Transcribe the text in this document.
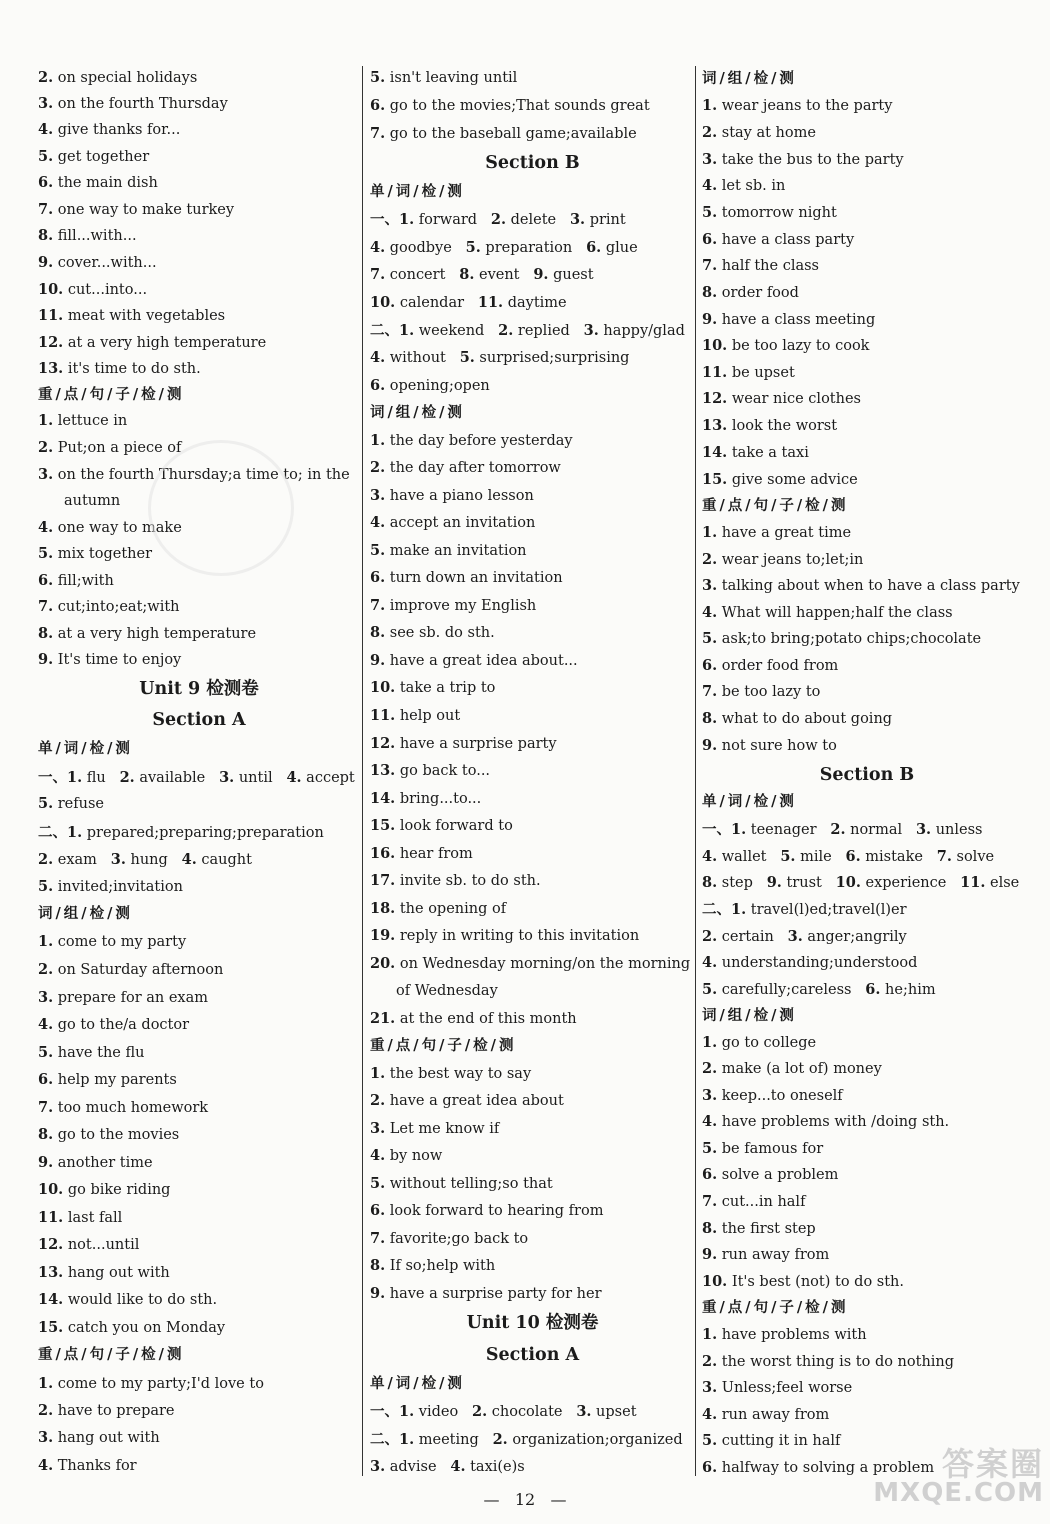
2. on special holidays
3. on the fourth Thursday
4. give thanks for...
5. get together
6. the main dish
7. one way to make turkey
8. fill...with...
9. cover...with...
10. cut...into...
11. meat with vegetables
12. at a very high temperature
13. it's time to do sth.
重/点/句/子/检/测
1. lettuce in
2. Put;on a piece of
3. on the fourth Thursday;a time to; in the
autumn
4. one way to make
5. mix together
6. fill;with
7. cut;into;eat;with
8. at a very high temperature
9. It's time to enjoy
Unit 9 检测卷
Section A
单/词/检/测
一、1. flu   2. available   3. until   4. accept
5. refuse
二、1. prepared;preparing;preparation
2. exam   3. hung   4. caught
5. invited;invitation
词/组/检/测
1. come to my party
2. on Saturday afternoon
3. prepare for an exam
4. go to the/a doctor
5. have the flu
6. help my parents
7. too much homework
8. go to the movies
9. another time
10. go bike riding
11. last fall
12. not...until
13. hang out with
14. would like to do sth.
15. catch you on Monday
重/点/句/子/检/测
1. come to my party;I'd love to
2. have to prepare
3. hang out with
4. Thanks for
5. isn't leaving until
6. go to the movies;That sounds great
7. go to the baseball game;available
Section B
单/词/检/测
一、1. forward   2. delete   3. print
4. goodbye   5. preparation   6. glue
7. concert   8. event   9. guest
10. calendar   11. daytime
二、1. weekend   2. replied   3. happy/glad
4. without   5. surprised;surprising
6. opening;open
词/组/检/测
1. the day before yesterday
2. the day after tomorrow
3. have a piano lesson
4. accept an invitation
5. make an invitation
6. turn down an invitation
7. improve my English
8. see sb. do sth.
9. have a great idea about...
10. take a trip to
11. help out
12. have a surprise party
13. go back to...
14. bring...to...
15. look forward to
16. hear from
17. invite sb. to do sth.
18. the opening of
19. reply in writing to this invitation
20. on Wednesday morning/on the morning
of Wednesday
21. at the end of this month
重/点/句/子/检/测
1. the best way to say
2. have a great idea about
3. Let me know if
4. by now
5. without telling;so that
6. look forward to hearing from
7. favorite;go back to
8. If so;help with
9. have a surprise party for her
Unit 10 检测卷
Section A
单/词/检/测
一、1. video   2. chocolate   3. upset
二、1. meeting   2. organization;organized
3. advise   4. taxi(e)s
词/组/检/测
1. wear jeans to the party
2. stay at home
3. take the bus to the party
4. let sb. in
5. tomorrow night
6. have a class party
7. half the class
8. order food
9. have a class meeting
10. be too lazy to cook
11. be upset
12. wear nice clothes
13. look the worst
14. take a taxi
15. give some advice
重/点/句/子/检/测
1. have a great time
2. wear jeans to;let;in
3. talking about when to have a class party
4. What will happen;half the class
5. ask;to bring;potato chips;chocolate
6. order food from
7. be too lazy to
8. what to do about going
9. not sure how to
Section B
单/词/检/测
一、1. teenager   2. normal   3. unless
4. wallet   5. mile   6. mistake   7. solve
8. step   9. trust   10. experience   11. else
二、1. travel(l)ed;travel(l)er
2. certain   3. anger;angrily
4. understanding;understood
5. carefully;careless   6. he;him
词/组/检/测
1. go to college
2. make (a lot of) money
3. keep...to oneself
4. have problems with /doing sth.
5. be famous for
6. solve a problem
7. cut...in half
8. the first step
9. run away from
10. It's best (not) to do sth.
重/点/句/子/检/测
1. have problems with
2. the worst thing is to do nothing
3. Unless;feel worse
4. run away from
5. cutting it in half
6. halfway to solving a problem
— 12 —
答案圈
MXQE.COM
